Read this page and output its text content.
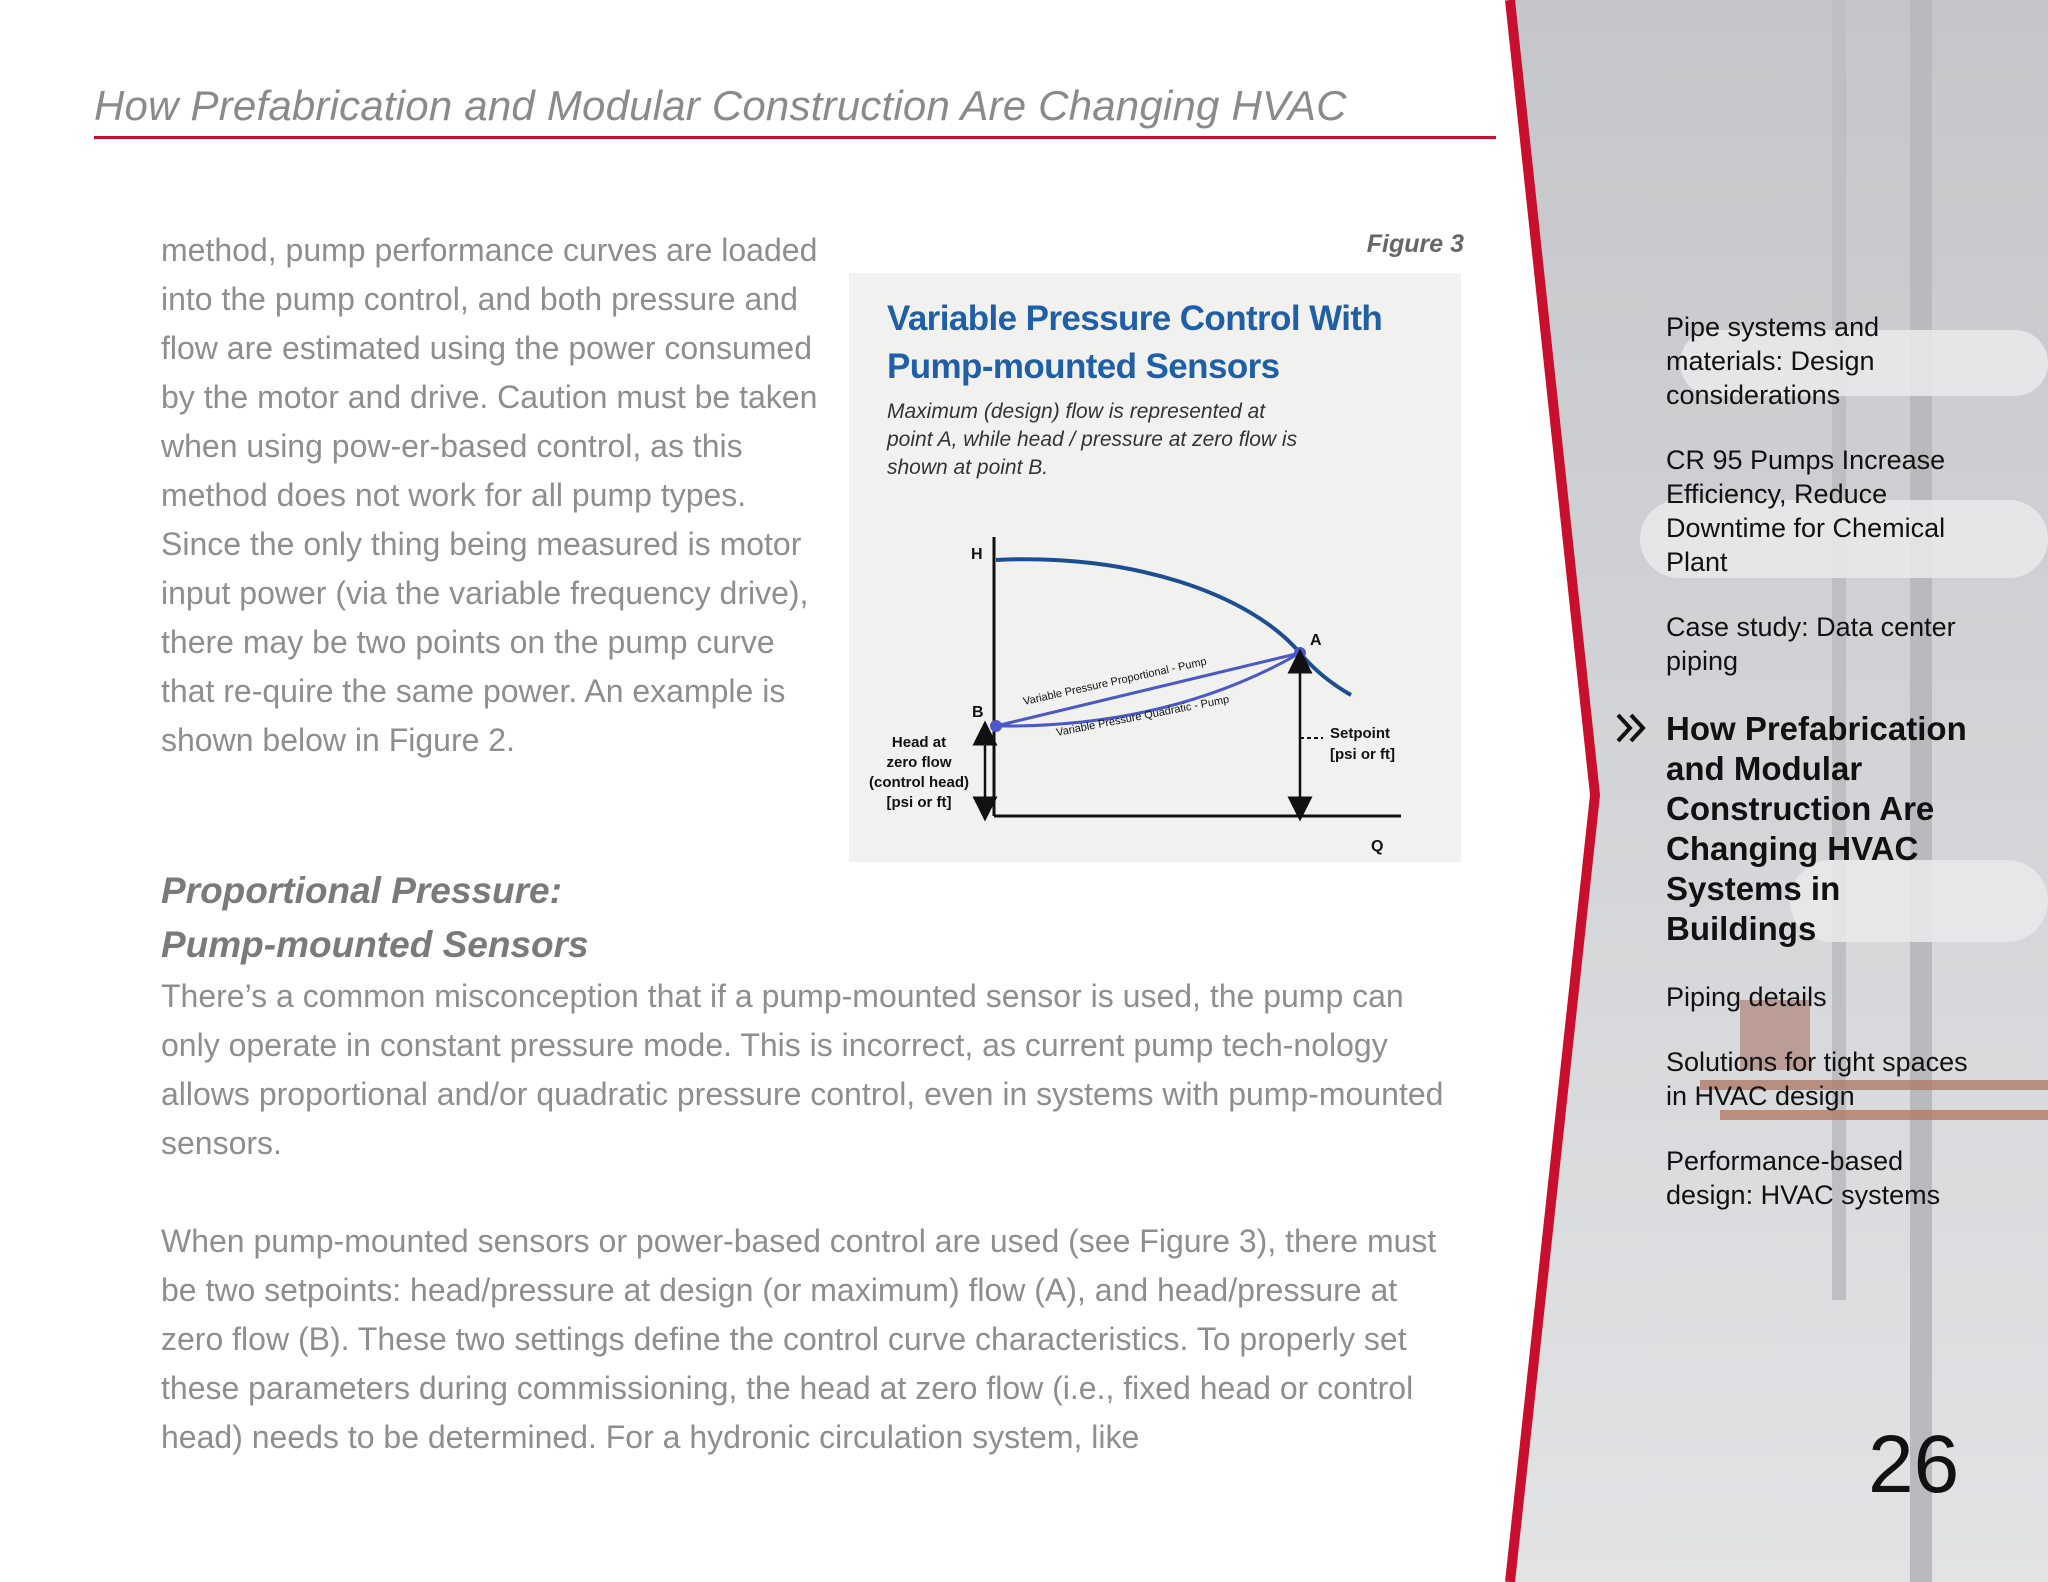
How Prefabrication and Modular Construction Are Changing HVAC

method, pump performance curves are loaded into the pump control, and both pressure and flow are estimated using the power consumed by the motor and drive. Caution must be taken when using pow-er-based control, as this method does not work for all pump types. Since the only thing being measured is motor input power (via the variable frequency drive), there may be two points on the pump curve that re-quire the same power. An example is shown below in Figure 2.

Figure 3
Variable Pressure Control With
Pump-mounted Sensors
Maximum (design) flow is represented at
point A, while head / pressure at zero flow is
shown at point B.
H
Q
A
B
Variable Pressure Proportional - Pump
Variable Pressure Quadratic - Pump
Head at
zero flow
(control head)
[psi or ft]
Setpoint
[psi or ft]
Proportional Pressure:
Pump-mounted Sensors

There’s a common misconception that if a pump-mounted sensor is used, the pump can only operate in constant pressure mode. This is incorrect, as current pump tech-nology allows proportional and/or quadratic pressure control, even in systems with pump-mounted sensors.

When pump-mounted sensors or power-based control are used (see Figure 3), there must be two setpoints: head/pressure at design (or maximum) flow (A), and head/pressure at zero flow (B). These two settings define the control curve characteristics. To properly set these parameters during commissioning, the head at zero flow (i.e., fixed head or control head) needs to be determined. For a hydronic circulation system, like

Pipe systems and materials: Design considerations
CR 95 Pumps Increase Efficiency, Reduce Downtime for Chemical Plant
Case study: Data center piping
How Prefabrication and Modular Construction Are Changing HVAC Systems in Buildings
Piping details
Solutions for tight spaces in HVAC design
Performance-based design: HVAC systems
26
